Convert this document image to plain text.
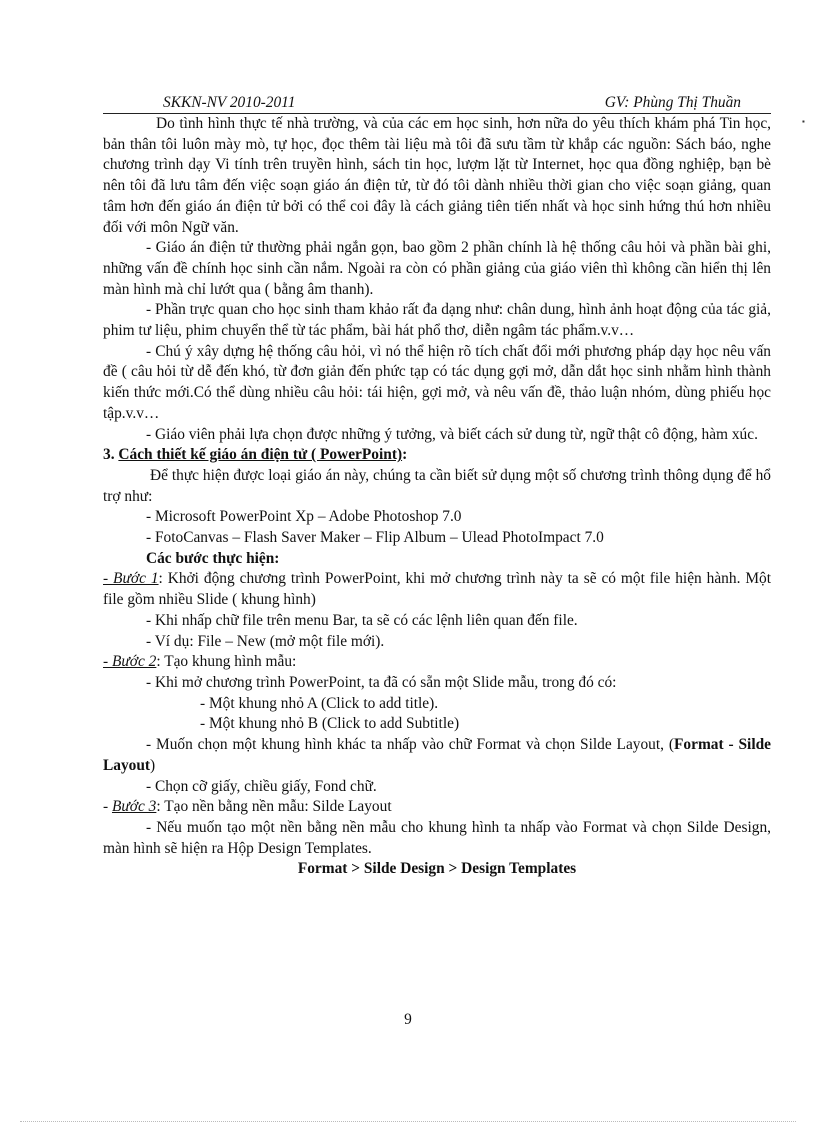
▪
SKKN-NV 2010-2011	GV: Phùng Thị Thuần

Do tình hình thực tế nhà trường, và của các em học sinh, hơn nữa do yêu thích khám phá Tin học, bản thân tôi luôn mày mò, tự học, đọc thêm tài liệu mà tôi đã sưu tầm từ khắp các nguồn: Sách báo, nghe chương trình dạy Vi tính trên truyền hình, sách tin học, lượm lặt từ Internet, học qua đồng nghiệp, bạn bè nên tôi đã lưu tâm đến việc soạn giáo án điện tử, từ đó tôi dành nhiều thời gian cho việc soạn giảng, quan tâm hơn đến giáo án điện tử bởi có thể coi đây là cách giảng tiên tiến nhất và học sinh hứng thú hơn nhiều đối với môn Ngữ văn.

- Giáo án điện tử thường phải ngắn gọn, bao gồm 2 phần chính là hệ thống câu hỏi và phần bài ghi, những vấn đề chính học sinh cần nắm. Ngoài ra còn có phần giảng của giáo viên thì không cần hiển thị lên màn hình mà chỉ lướt qua ( bằng âm thanh).

- Phần trực quan cho học sinh tham khảo rất đa dạng như: chân dung, hình ảnh hoạt động của tác giả, phim tư liệu, phim chuyển thể từ tác phẩm, bài hát phổ thơ, diễn ngâm tác phẩm.v.v…

- Chú ý xây dựng hệ thống câu hỏi, vì nó thể hiện rõ tích chất đổi mới phương pháp dạy học nêu vấn đề ( câu hỏi từ dễ đến khó, từ đơn giản đến phức tạp có tác dụng gợi mở, dẫn dắt học sinh nhằm hình thành kiến thức mới.Có thể dùng nhiều câu hỏi: tái hiện, gợi mở, và nêu vấn đề, thảo luận nhóm, dùng phiếu học tập.v.v…

- Giáo viên phải lựa chọn được những ý tưởng, và biết cách sử dung từ, ngữ thật cô động, hàm xúc.

3. Cách thiết kế giáo án điện tử ( PowerPoint):

Để thực hiện được loại giáo án này, chúng ta cần biết sử dụng một số chương trình thông dụng để hổ trợ như:

- Microsoft PowerPoint Xp – Adobe Photoshop 7.0

- FotoCanvas – Flash Saver Maker – Flip Album – Ulead PhotoImpact 7.0

Các bước thực hiện:

- Bước 1: Khởi động chương trình PowerPoint, khi mở chương trình này ta sẽ có một file hiện hành. Một file gồm nhiều Slide ( khung hình)

- Khi nhấp chữ file trên menu Bar, ta sẽ có các lệnh liên quan đến file.

- Ví dụ: File – New (mở một file mới).

- Bước 2: Tạo khung hình mẫu:

- Khi mở chương trình PowerPoint, ta đã có sẵn một Slide mẫu, trong đó có:

- Một khung nhỏ A (Click to add title).

- Một khung nhỏ B (Click to add Subtitle)

- Muốn chọn một khung hình khác ta nhấp vào chữ Format và chọn Silde Layout, (Format - Silde Layout)

- Chọn cỡ giấy, chiều giấy, Fond chữ.

- Bước 3: Tạo nền bằng nền mẫu: Silde Layout

- Nếu muốn tạo một nền bằng nền mẫu cho khung hình ta nhấp vào Format và chọn Silde Design, màn hình sẽ hiện ra Hộp Design Templates.

Format > Silde Design > Design Templates

9
